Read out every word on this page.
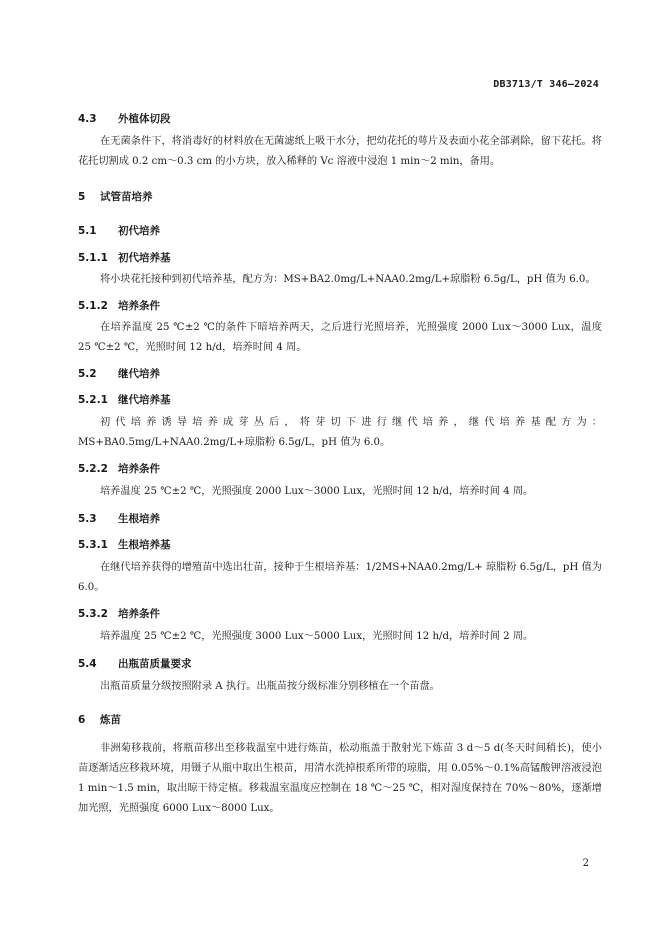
DB3713/T 346—2024
4.3	外植体切段
在无菌条件下，将消毒好的材料放在无菌滤纸上吸干水分，把幼花托的萼片及表面小花全部剥除，留下花托。将花托切割成 0.2 cm～0.3 cm 的小方块，放入稀释的 Vc 溶液中浸泡 1 min～2 min，备用。
5	试管苗培养
5.1	初代培养
5.1.1 初代培养基
将小块花托接种到初代培养基，配方为：MS+BA2.0mg/L+NAA0.2mg/L+琼脂粉 6.5g/L，pH 值为 6.0。
5.1.2 培养条件
在培养温度 25 ℃±2 ℃的条件下暗培养两天，之后进行光照培养，光照强度 2000 Lux～3000 Lux，温度 25 ℃±2 ℃，光照时间 12 h/d，培养时间 4 周。
5.2	继代培养
5.2.1 继代培养基
初代培养诱导培养成芽丛后，将芽切下进行继代培养，继代培养基配方为：MS+BA0.5mg/L+NAA0.2mg/L+琼脂粉 6.5g/L，pH 值为 6.0。
5.2.2 培养条件
培养温度 25 ℃±2 ℃，光照强度 2000 Lux～3000 Lux，光照时间 12 h/d，培养时间 4 周。
5.3	生根培养
5.3.1 生根培养基
在继代培养获得的增殖苗中选出壮苗，接种于生根培养基：1/2MS+NAA0.2mg/L+ 琼脂粉 6.5g/L，pH 值为 6.0。
5.3.2 培养条件
培养温度 25 ℃±2 ℃，光照强度 3000 Lux～5000 Lux，光照时间 12 h/d，培养时间 2 周。
5.4	出瓶苗质量要求
出瓶苗质量分级按照附录 A 执行。出瓶苗按分级标准分别移植在一个苗盘。
6	炼苗
非洲菊移栽前，将瓶苗移出至移栽温室中进行炼苗，松动瓶盖于散射光下炼苗 3 d～5 d(冬天时间稍长)，使小苗逐渐适应移栽环境，用镊子从瓶中取出生根苗，用清水洗掉根系所带的琼脂，用 0.05%～0.1%高锰酸钾溶液浸泡 1 min～1.5 min，取出晾干待定植。移栽温室温度应控制在 18 ℃～25 ℃，相对湿度保持在 70%～80%，逐渐增加光照，光照强度 6000 Lux～8000 Lux。
2
